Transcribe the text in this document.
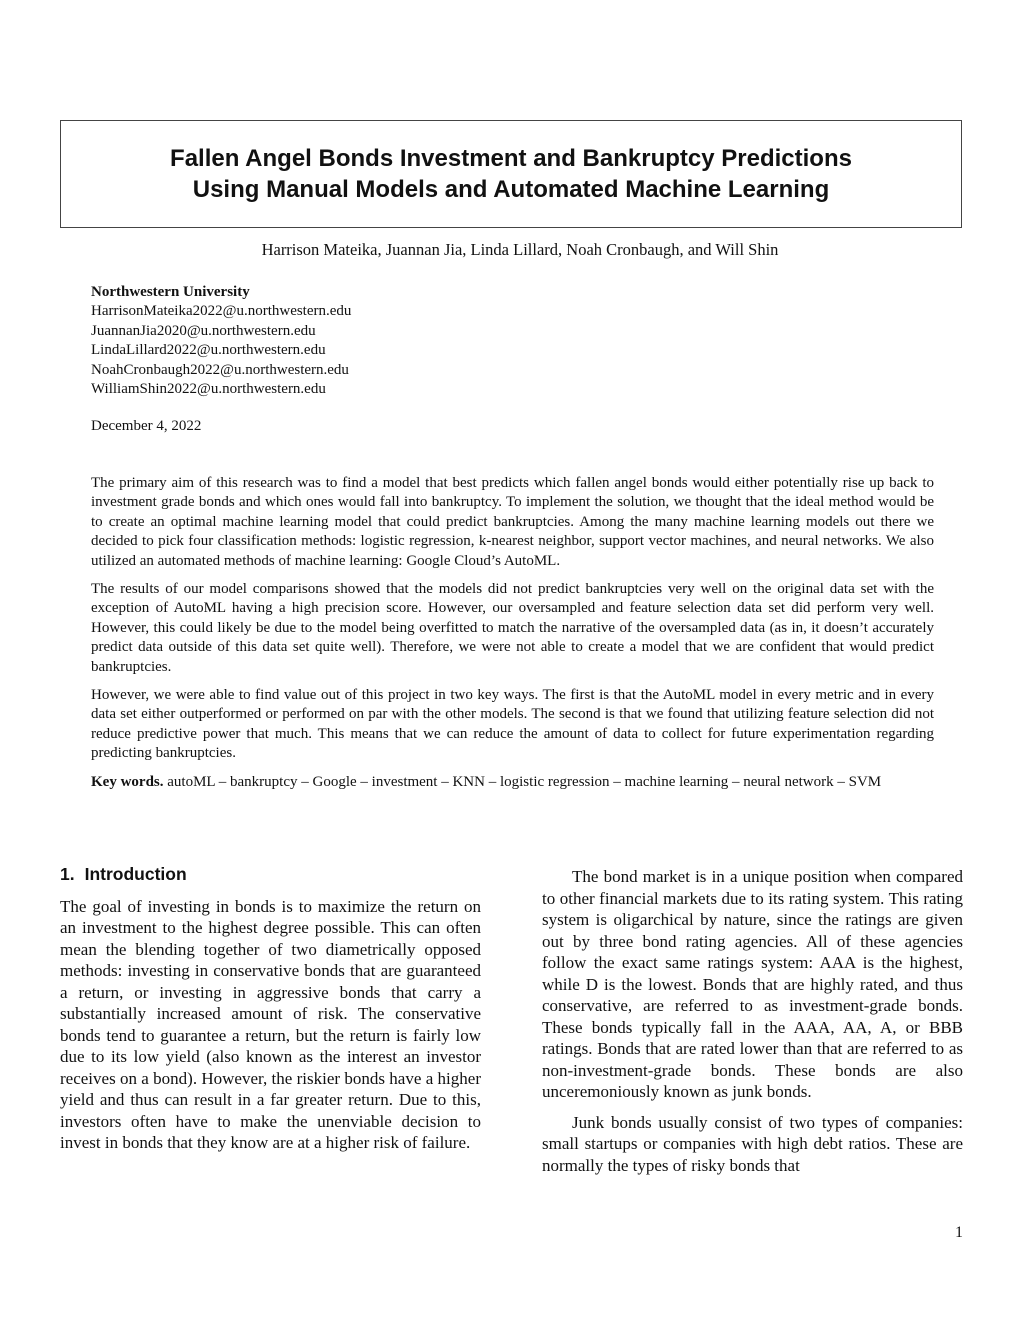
Fallen Angel Bonds Investment and Bankruptcy Predictions
Using Manual Models and Automated Machine Learning
Harrison Mateika, Juannan Jia, Linda Lillard, Noah Cronbaugh, and Will Shin
Northwestern University
HarrisonMateika2022@u.northwestern.edu
JuannanJia2020@u.northwestern.edu
LindaLillard2022@u.northwestern.edu
NoahCronbaugh2022@u.northwestern.edu
WilliamShin2022@u.northwestern.edu
December 4, 2022

The primary aim of this research was to find a model that best predicts which fallen angel bonds would either potentially rise up back to investment grade bonds and which ones would fall into bankruptcy. To implement the solution, we thought that the ideal method would be to create an optimal machine learning model that could predict bankruptcies. Among the many machine learning models out there we decided to pick four classification methods: logistic regression, k-nearest neighbor, support vector machines, and neural networks. We also utilized an automated methods of machine learning: Google Cloud’s AutoML.

The results of our model comparisons showed that the models did not predict bankruptcies very well on the original data set with the exception of AutoML having a high precision score. However, our oversampled and feature selection data set did perform very well. However, this could likely be due to the model being overfitted to match the narrative of the oversampled data (as in, it doesn’t accurately predict data outside of this data set quite well). Therefore, we were not able to create a model that we are confident that would predict bankruptcies.

However, we were able to find value out of this project in two key ways. The first is that the AutoML model in every metric and in every data set either outperformed or performed on par with the other models. The second is that we found that utilizing feature selection did not reduce predictive power that much. This means that we can reduce the amount of data to collect for future experimentation regarding predicting bankruptcies.

Key words. autoML – bankruptcy – Google – investment – KNN – logistic regression – machine learning – neural network – SVM

1. Introduction

The goal of investing in bonds is to maximize the return on an investment to the highest degree possible. This can often mean the blending together of two diametrically opposed methods: investing in conservative bonds that are guaranteed a return, or investing in aggressive bonds that carry a substantially increased amount of risk. The conservative bonds tend to guarantee a return, but the return is fairly low due to its low yield (also known as the interest an investor receives on a bond). However, the riskier bonds have a higher yield and thus can result in a far greater return. Due to this, investors often have to make the unenviable decision to invest in bonds that they know are at a higher risk of failure.

The bond market is in a unique position when compared to other financial markets due to its rating system. This rating system is oligarchical by nature, since the ratings are given out by three bond rating agencies. All of these agencies follow the exact same ratings system: AAA is the highest, while D is the lowest. Bonds that are highly rated, and thus conservative, are referred to as investment-grade bonds. These bonds typically fall in the AAA, AA, A, or BBB ratings. Bonds that are rated lower than that are referred to as non-investment-grade bonds. These bonds are also unceremoniously known as junk bonds.

Junk bonds usually consist of two types of companies: small startups or companies with high debt ratios. These are normally the types of risky bonds that

1
